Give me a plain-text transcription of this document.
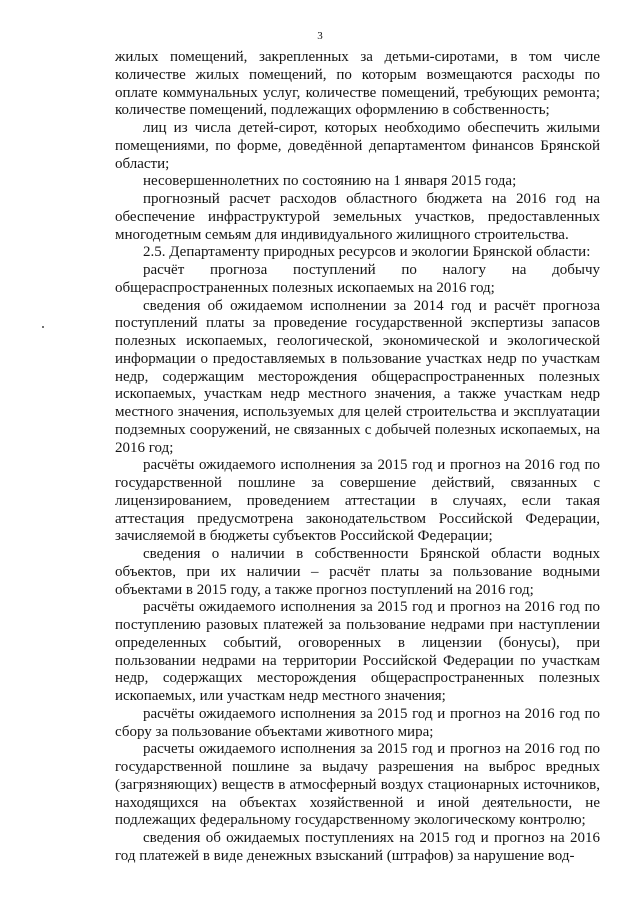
3

жилых помещений, закрепленных за детьми-сиротами, в том числе количестве жилых помещений, по которым возмещаются расходы по оплате коммунальных услуг, количестве помещений, требующих ремонта; количестве помещений, подлежащих оформлению в собственность;

лиц из числа детей-сирот, которых необходимо обеспечить жилыми помещениями, по форме, доведённой департаментом финансов Брянской области;

несовершеннолетних по состоянию на 1 января 2015 года;

прогнозный расчет расходов областного бюджета на 2016 год на обеспечение инфраструктурой земельных участков, предоставленных многодетным семьям для индивидуального жилищного строительства.

2.5. Департаменту природных ресурсов и экологии Брянской области:

расчёт прогноза поступлений по налогу на добычу общераспространенных полезных ископаемых на 2016 год;

сведения об ожидаемом исполнении за 2014 год и расчёт прогноза поступлений платы за проведение государственной экспертизы запасов полезных ископаемых, геологической, экономической и экологической информации о предоставляемых в пользование участках недр по участкам недр, содержащим месторождения общераспространенных полезных ископаемых, участкам недр местного значения, а также участкам недр местного значения, используемых для целей строительства и эксплуатации подземных сооружений, не связанных с добычей полезных ископаемых, на 2016 год;

расчёты ожидаемого исполнения за 2015 год и прогноз на 2016 год по государственной пошлине за совершение действий, связанных с лицензированием, проведением аттестации в случаях, если такая аттестация предусмотрена законодательством Российской Федерации, зачисляемой в бюджеты субъектов Российской Федерации;

сведения о наличии в собственности Брянской области водных объектов, при их наличии – расчёт платы за пользование водными объектами в 2015 году, а также прогноз поступлений на 2016 год;

расчёты ожидаемого исполнения за 2015 год и прогноз на 2016 год по поступлению разовых платежей за пользование недрами при наступлении определенных событий, оговоренных в лицензии (бонусы), при пользовании недрами на территории Российской Федерации по участкам недр, содержащих месторождения общераспространенных полезных ископаемых, или участкам недр местного значения;

расчёты ожидаемого исполнения за 2015 год и прогноз на 2016 год по сбору за пользование объектами животного мира;

расчеты ожидаемого исполнения за 2015 год и прогноз на 2016 год по государственной пошлине за выдачу разрешения на выброс вредных (загрязняющих) веществ в атмосферный воздух стационарных источников, находящихся на объектах хозяйственной и иной деятельности, не подлежащих федеральному государственному экологическому контролю;

сведения об ожидаемых поступлениях на 2015 год и прогноз на 2016 год платежей в виде денежных взысканий (штрафов) за нарушение вод-
